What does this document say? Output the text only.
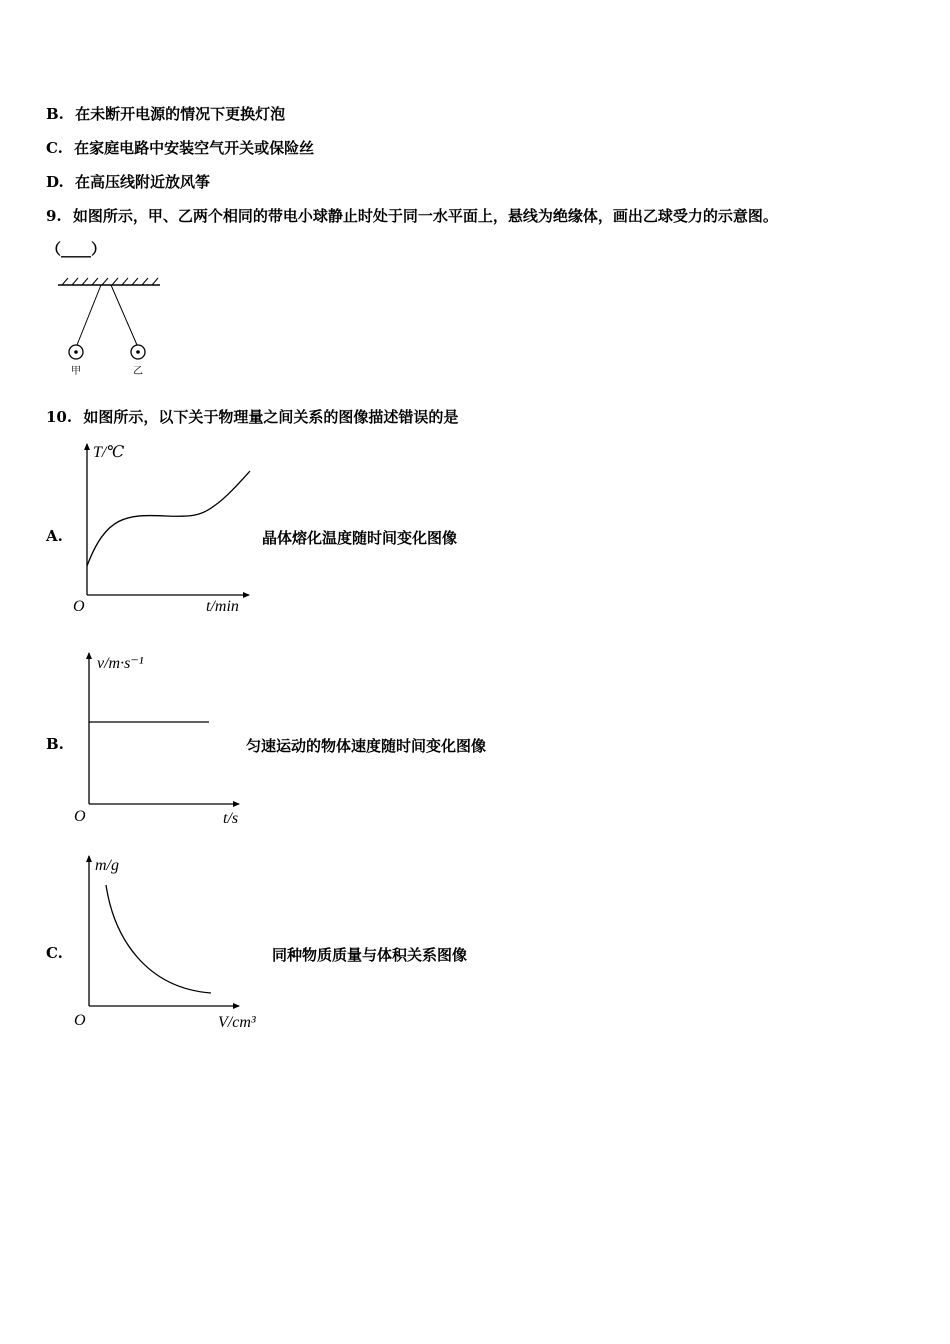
B. 在未断开电源的情况下更换灯泡
C. 在家庭电路中安装空气开关或保险丝
D. 在高压线附近放风筝
9. 如图所示，甲、乙两个相同的带电小球静止时处于同一水平面上，悬线为绝缘体，画出乙球受力的示意图。
（____）
甲	乙
10. 如图所示，以下关于物理量之间关系的图像描述错误的是
A.
T/℃
O	t/min
晶体熔化温度随时间变化图像
B.
v/m·s⁻¹
O	t/s
匀速运动的物体速度随时间变化图像
C.
m/g
O	V/cm³
同种物质质量与体积关系图像
